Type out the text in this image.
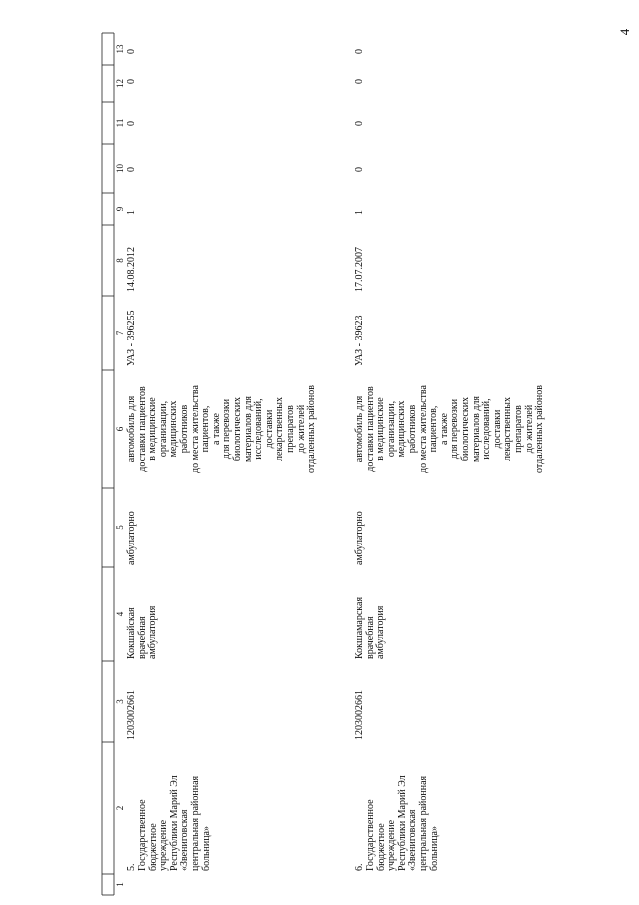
4
1
2
3
4
5
6
7
8
9
10
11
12
13
5. Государственное
бюджетное
учреждение
Республики Марий Эл
«Звениговская
центральная районная
больница»
1203002661
Кокшайская
врачебная
амбулатория
амбулаторно
автомобиль для
доставки пациентов
в медицинские
организации,
медицинских
работников
до места жительства
пациентов,
а также
для перевозки
биологических
материалов для
исследований,
доставки
лекарственных
препаратов
до жителей
отдаленных районов
УАЗ - 396255
14.08.2012
1
0
0
0
0
6. Государственное
бюджетное
учреждение
Республики Марий Эл
«Звениговская
центральная районная
больница»
1203002661
Кокшамарская
врачебная
амбулатория
амбулаторно
автомобиль для
доставки пациентов
в медицинские
организации,
медицинских
работников
до места жительства
пациентов,
а также
для перевозки
биологических
материалов для
исследований,
доставки
лекарственных
препаратов
до жителей
отдаленных районов
УАЗ - 39623
17.07.2007
1
0
0
0
0
